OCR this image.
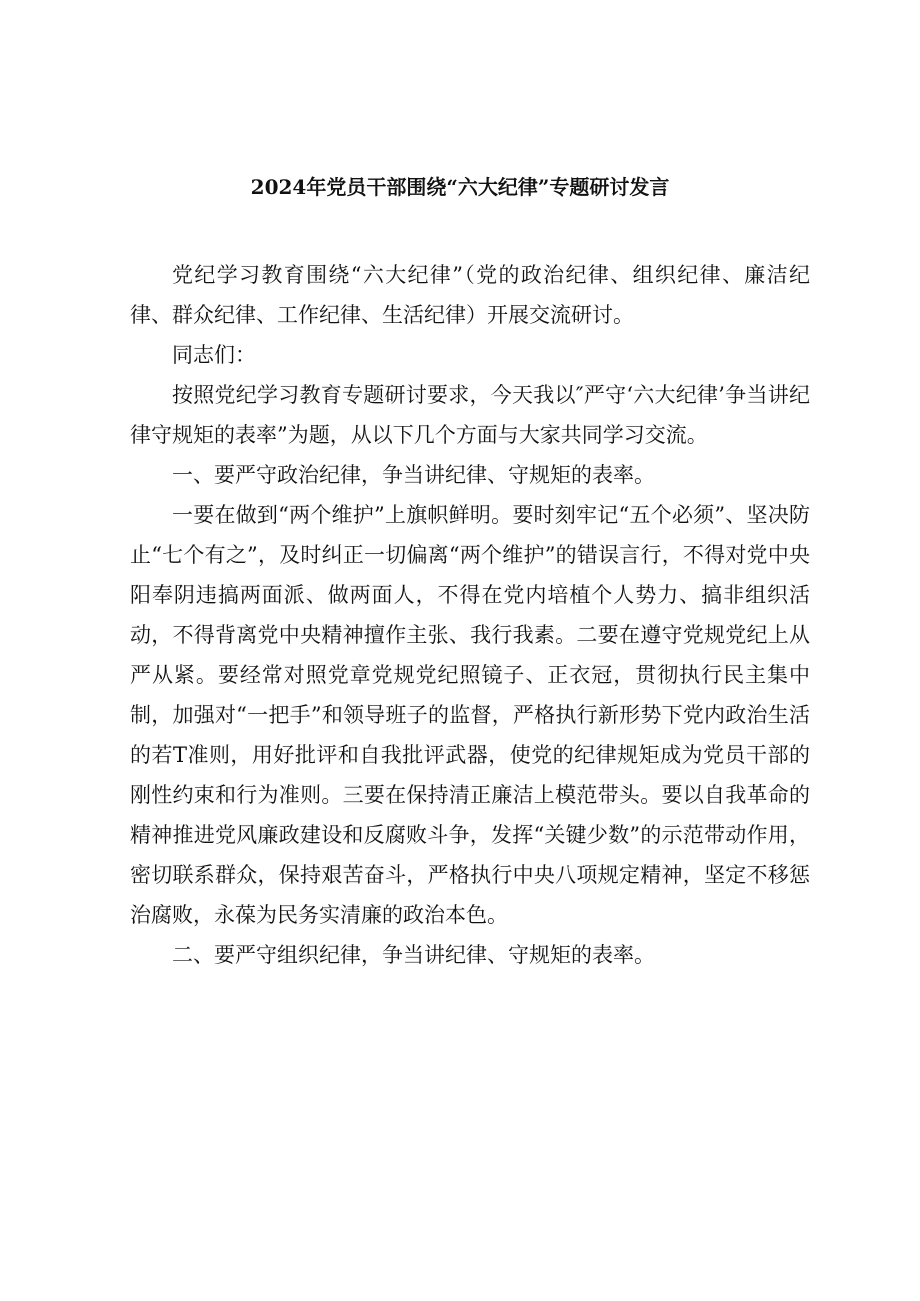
2024年党员干部围绕“六大纪律”专题研讨发言

党纪学习教育围绕“六大纪律”（党的政治纪律、组织纪律、廉洁纪律、群众纪律、工作纪律、生活纪律）开展交流研讨。

同志们：

按照党纪学习教育专题研讨要求，今天我以″严守‘六大纪律’争当讲纪律守规矩的表率”为题，从以下几个方面与大家共同学习交流。

一、要严守政治纪律，争当讲纪律、守规矩的表率。

一要在做到“两个维护”上旗帜鲜明。要时刻牢记“五个必须”、坚决防止“七个有之”，及时纠正一切偏离“两个维护”的错误言行，不得对党中央阳奉阴违搞两面派、做两面人，不得在党内培植个人势力、搞非组织活动，不得背离党中央精神擅作主张、我行我素。二要在遵守党规党纪上从严从紧。要经常对照党章党规党纪照镜子、正衣冠，贯彻执行民主集中制，加强对“一把手”和领导班子的监督，严格执行新形势下党内政治生活的若T准则，用好批评和自我批评武器，使党的纪律规矩成为党员干部的刚性约束和行为准则。三要在保持清正廉洁上模范带头。要以自我革命的精神推进党风廉政建设和反腐败斗争，发挥“关键少数”的示范带动作用，密切联系群众，保持艰苦奋斗，严格执行中央八项规定精神，坚定不移惩治腐败，永葆为民务实清廉的政治本色。

二、要严守组织纪律，争当讲纪律、守规矩的表率。
